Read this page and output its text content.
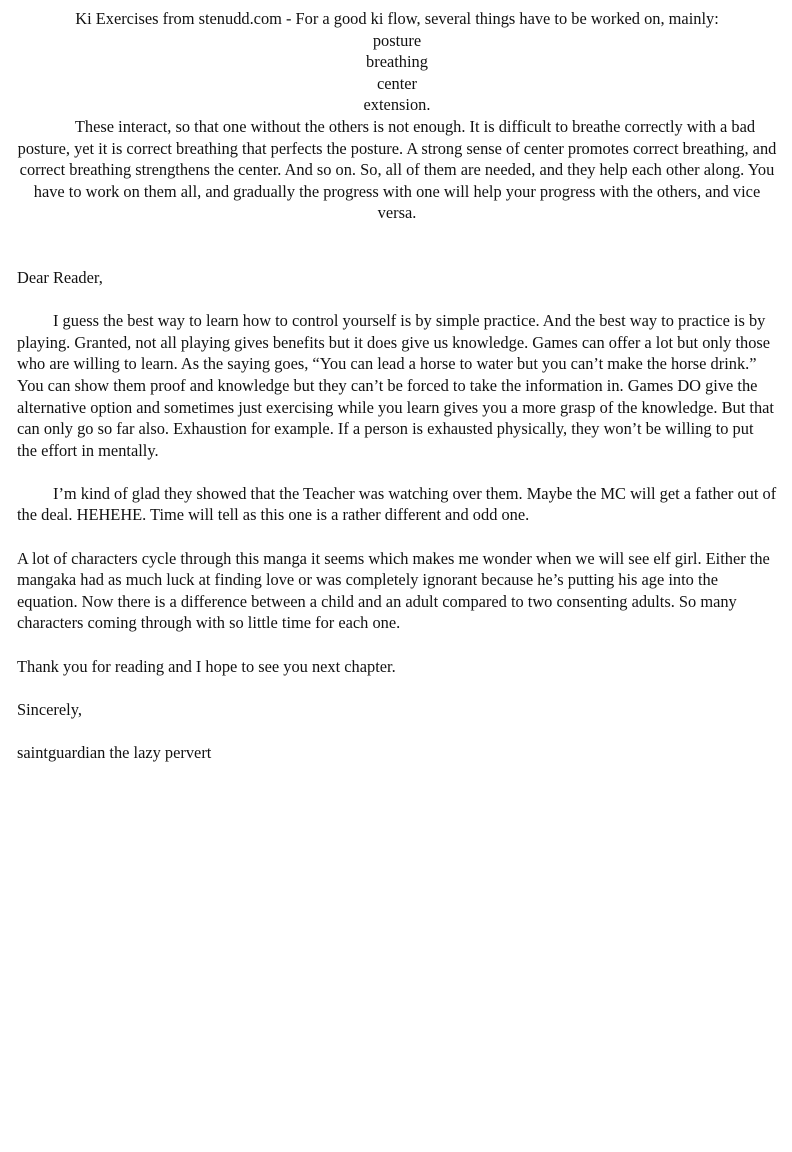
Ki Exercises from stenudd.com - For a good ki flow, several things have to be worked on, mainly:
posture
breathing
center
extension.

These interact, so that one without the others is not enough. It is difficult to breathe correctly with a bad posture, yet it is correct breathing that perfects the posture. A strong sense of center promotes correct breathing, and correct breathing strengthens the center. And so on. So, all of them are needed, and they help each other along. You have to work on them all, and gradually the progress with one will help your progress with the others, and vice versa.

Dear Reader,

I guess the best way to learn how to control yourself is by simple practice. And the best way to practice is by playing. Granted, not all playing gives benefits but it does give us knowledge. Games can offer a lot but only those who are willing to learn. As the saying goes, “You can lead a horse to water but you can’t make the horse drink.” You can show them proof and knowledge but they can’t be forced to take the information in. Games DO give the alternative option and sometimes just exercising while you learn gives you a more grasp of the knowledge. But that can only go so far also. Exhaustion for example. If a person is exhausted physically, they won’t be willing to put the effort in mentally.

I’m kind of glad they showed that the Teacher was watching over them. Maybe the MC will get a father out of the deal. HEHEHE. Time will tell as this one is a rather different and odd one.

A lot of characters cycle through this manga it seems which makes me wonder when we will see elf girl. Either the mangaka had as much luck at finding love or was completely ignorant because he’s putting his age into the equation. Now there is a difference between a child and an adult compared to two consenting adults. So many characters coming through with so little time for each one.

Thank you for reading and I hope to see you next chapter.

Sincerely,

saintguardian the lazy pervert
